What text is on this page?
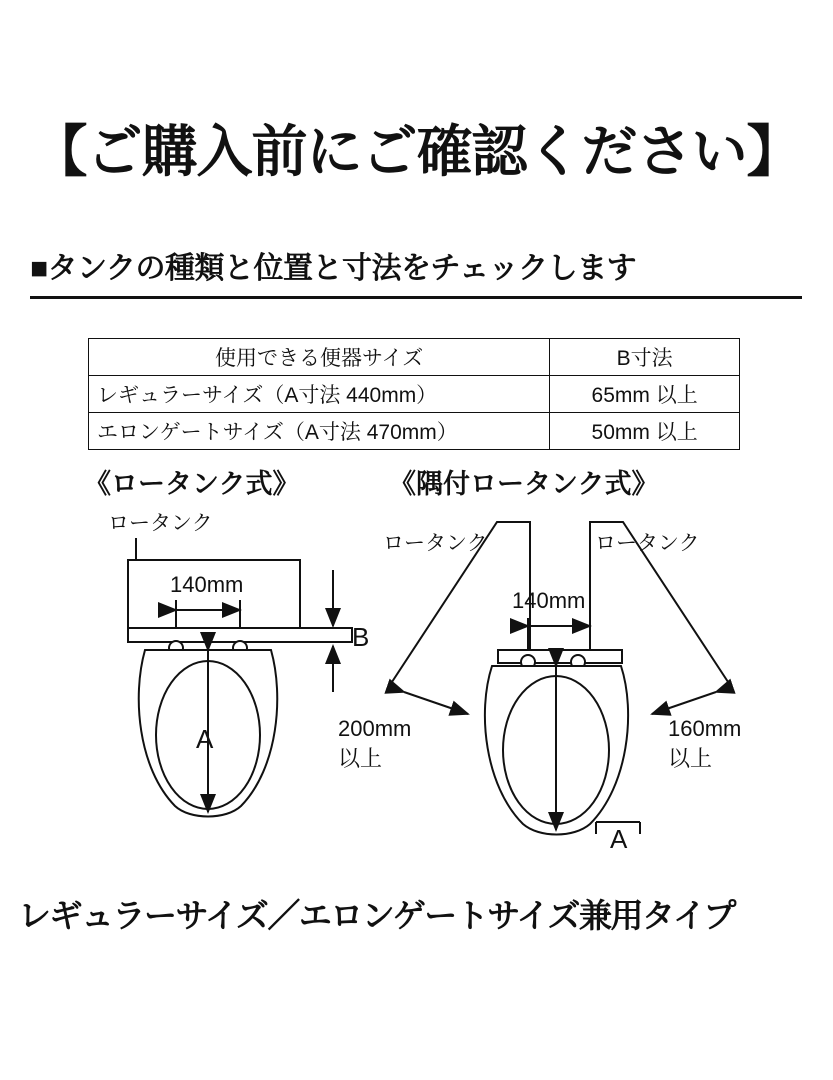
【ご購入前にご確認ください】
■タンクの種類と位置と寸法をチェックします
使用できる便器サイズ	B寸法
レギュラーサイズ（A寸法 440mm）	65mm 以上
エロンゲートサイズ（A寸法 470mm）	50mm 以上
《ロータンク式》	《隅付ロータンク式》
ロータンク
140mm
A
B
ロータンク	ロータンク
140mm
A
200mm
以上
160mm
以上
レギュラーサイズ／エロンゲートサイズ兼用タイプ
